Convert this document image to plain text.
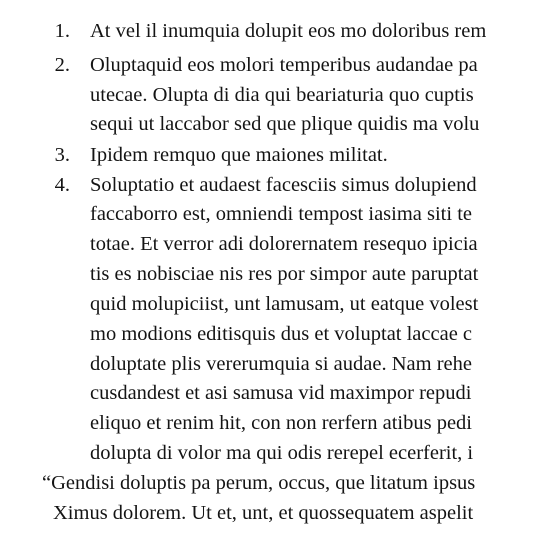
1. At vel il inumquia dolupit eos mo doloribus rem
2. Oluptaquid eos molori temperibus audandae pa
utecae. Olupta di dia qui beariaturia quo cuptis
sequi ut laccabor sed que plique quidis ma volu
3. Ipidem remquo que maiones militat.
4. Soluptatio et audaest facesciis simus dolupiend
faccaborro est, omniendi tempost iasima siti te
totae. Et verror adi dolorernatem resequo ipicia
tis es nobisciae nis res por simpor aute paruptat
quid molupiciist, unt lamusam, ut eatque volest
mo modions editisquis dus et voluptat laccae c
doluptate plis vererumquia si audae. Nam rehe
cusdandest et asi samusa vid maximpor repudi
eliquo et renim hit, con non rerfern atibus pedi
dolupta di volor ma qui odis rerepel ecerferit, i
“Gendisi doluptis pa perum, occus, que litatum ipsus
Ximus dolorem. Ut et, unt, et quossequatem aspelit
